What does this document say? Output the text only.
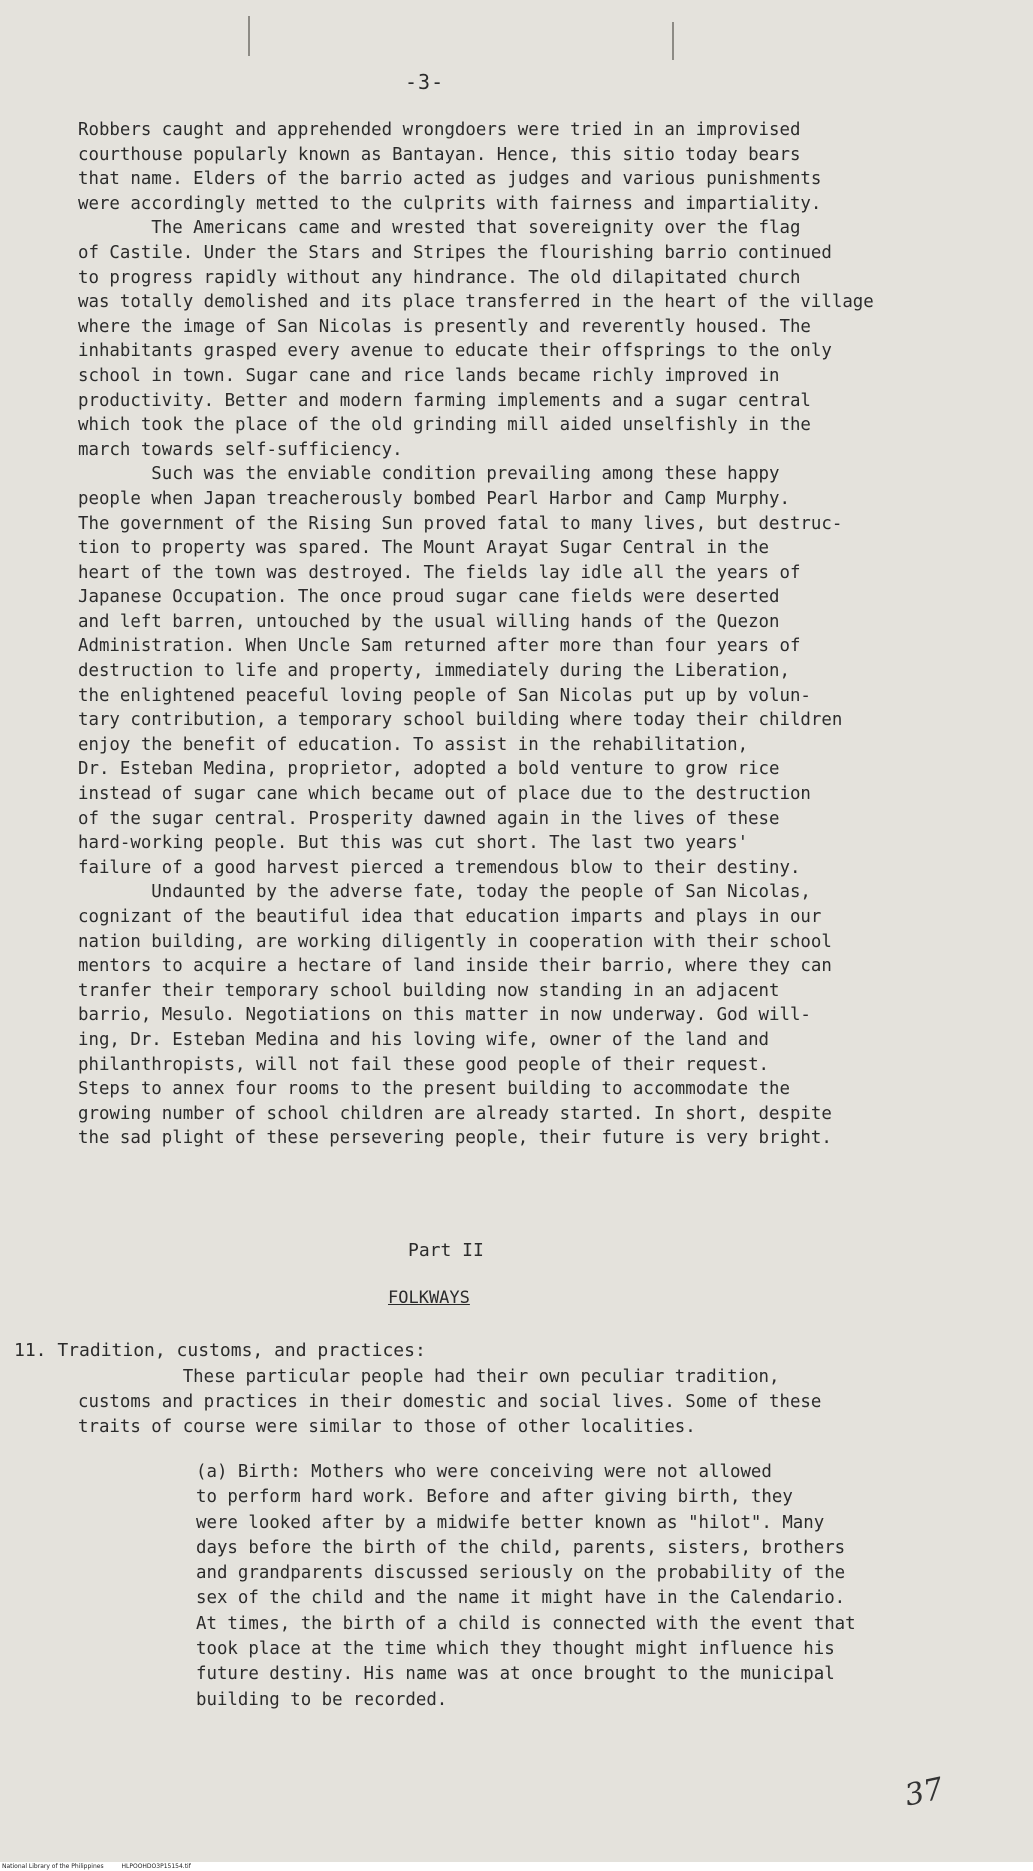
-3-
Robbers caught and apprehended wrongdoers were tried in an improvised
courthouse popularly known as Bantayan. Hence, this sitio today bears
that name. Elders of the barrio acted as judges and various punishments
were accordingly metted to the culprits with fairness and impartiality.
The Americans came and wrested that sovereignity over the flag
of Castile. Under the Stars and Stripes the flourishing barrio continued
to progress rapidly without any hindrance. The old dilapitated church
was totally demolished and its place transferred in the heart of the village
where the image of San Nicolas is presently and reverently housed. The
inhabitants grasped every avenue to educate their offsprings to the only
school in town. Sugar cane and rice lands became richly improved in
productivity. Better and modern farming implements and a sugar central
which took the place of the old grinding mill aided unselfishly in the
march towards self-sufficiency.
Such was the enviable condition prevailing among these happy
people when Japan treacherously bombed Pearl Harbor and Camp Murphy.
The government of the Rising Sun proved fatal to many lives, but destruc-
tion to property was spared. The Mount Arayat Sugar Central in the
heart of the town was destroyed. The fields lay idle all the years of
Japanese Occupation. The once proud sugar cane fields were deserted
and left barren, untouched by the usual willing hands of the Quezon
Administration. When Uncle Sam returned after more than four years of
destruction to life and property, immediately during the Liberation,
the enlightened peaceful loving people of San Nicolas put up by volun-
tary contribution, a temporary school building where today their children
enjoy the benefit of education. To assist in the rehabilitation,
Dr. Esteban Medina, proprietor, adopted a bold venture to grow rice
instead of sugar cane which became out of place due to the destruction
of the sugar central. Prosperity dawned again in the lives of these
hard-working people. But this was cut short. The last two years'
failure of a good harvest pierced a tremendous blow to their destiny.
Undaunted by the adverse fate, today the people of San Nicolas,
cognizant of the beautiful idea that education imparts and plays in our
nation building, are working diligently in cooperation with their school
mentors to acquire a hectare of land inside their barrio, where they can
tranfer their temporary school building now standing in an adjacent
barrio, Mesulo. Negotiations on this matter in now underway. God will-
ing, Dr. Esteban Medina and his loving wife, owner of the land and
philanthropists, will not fail these good people of their request.
Steps to annex four rooms to the present building to accommodate the
growing number of school children are already started. In short, despite
the sad plight of these persevering people, their future is very bright.
Part II
FOLKWAYS
11. Tradition, customs, and practices:
These particular people had their own peculiar tradition,
customs and practices in their domestic and social lives. Some of these
traits of course were similar to those of other localities.
(a) Birth: Mothers who were conceiving were not allowed
to perform hard work. Before and after giving birth, they
were looked after by a midwife better known as "hilot". Many
days before the birth of the child, parents, sisters, brothers
and grandparents discussed seriously on the probability of the
sex of the child and the name it might have in the Calendario.
At times, the birth of a child is connected with the event that
took place at the time which they thought might influence his
future destiny. His name was at once brought to the municipal
building to be recorded.
37
National Library of the Philippines	HLPOOHDO3P15154.tif
